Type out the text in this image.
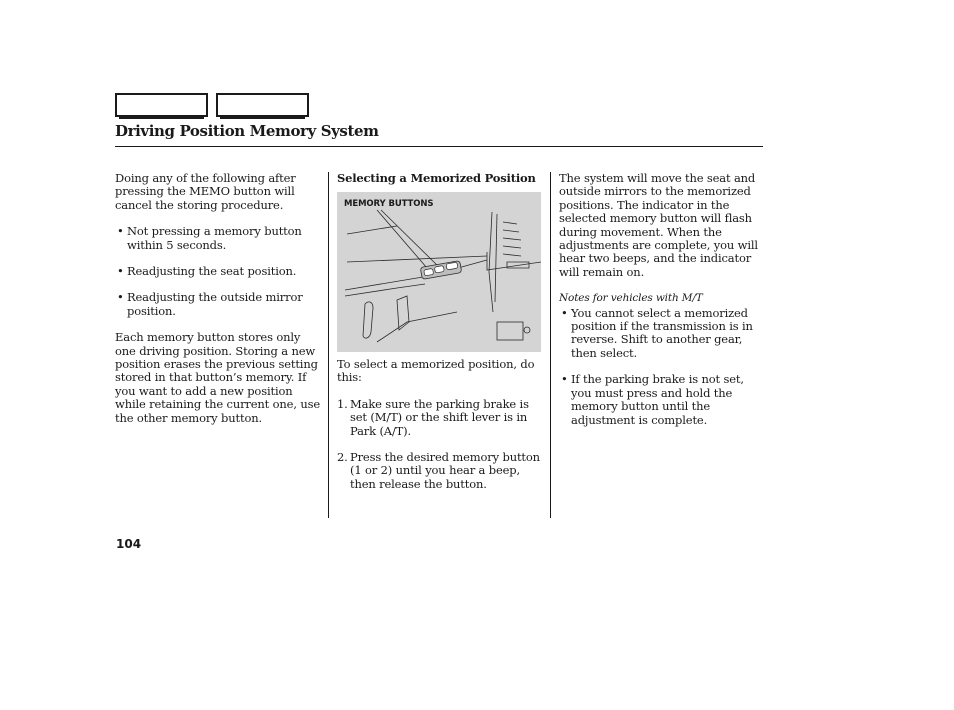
Driving Position Memory System

Doing any of the following after pressing the MEMO button will cancel the storing procedure.

• Not pressing a memory button within 5 seconds.

• Readjusting the seat position.

• Readjusting the outside mirror position.

Each memory button stores only one driving position. Storing a new position erases the previous setting stored in that button’s memory. If you want to add a new position while retaining the current one, use the other memory button.

Selecting a Memorized Position

MEMORY BUTTONS

To select a memorized position, do this:

1. Make sure the parking brake is set (M/T) or the shift lever is in Park (A/T).

2. Press the desired memory button (1 or 2) until you hear a beep, then release the button.

The system will move the seat and outside mirrors to the memorized positions. The indicator in the selected memory button will flash during movement. When the adjustments are complete, you will hear two beeps, and the indicator will remain on.

Notes for vehicles with M/T

• You cannot select a memorized position if the transmission is in reverse. Shift to another gear, then select.

• If the parking brake is not set, you must press and hold the memory button until the adjustment is complete.

104
